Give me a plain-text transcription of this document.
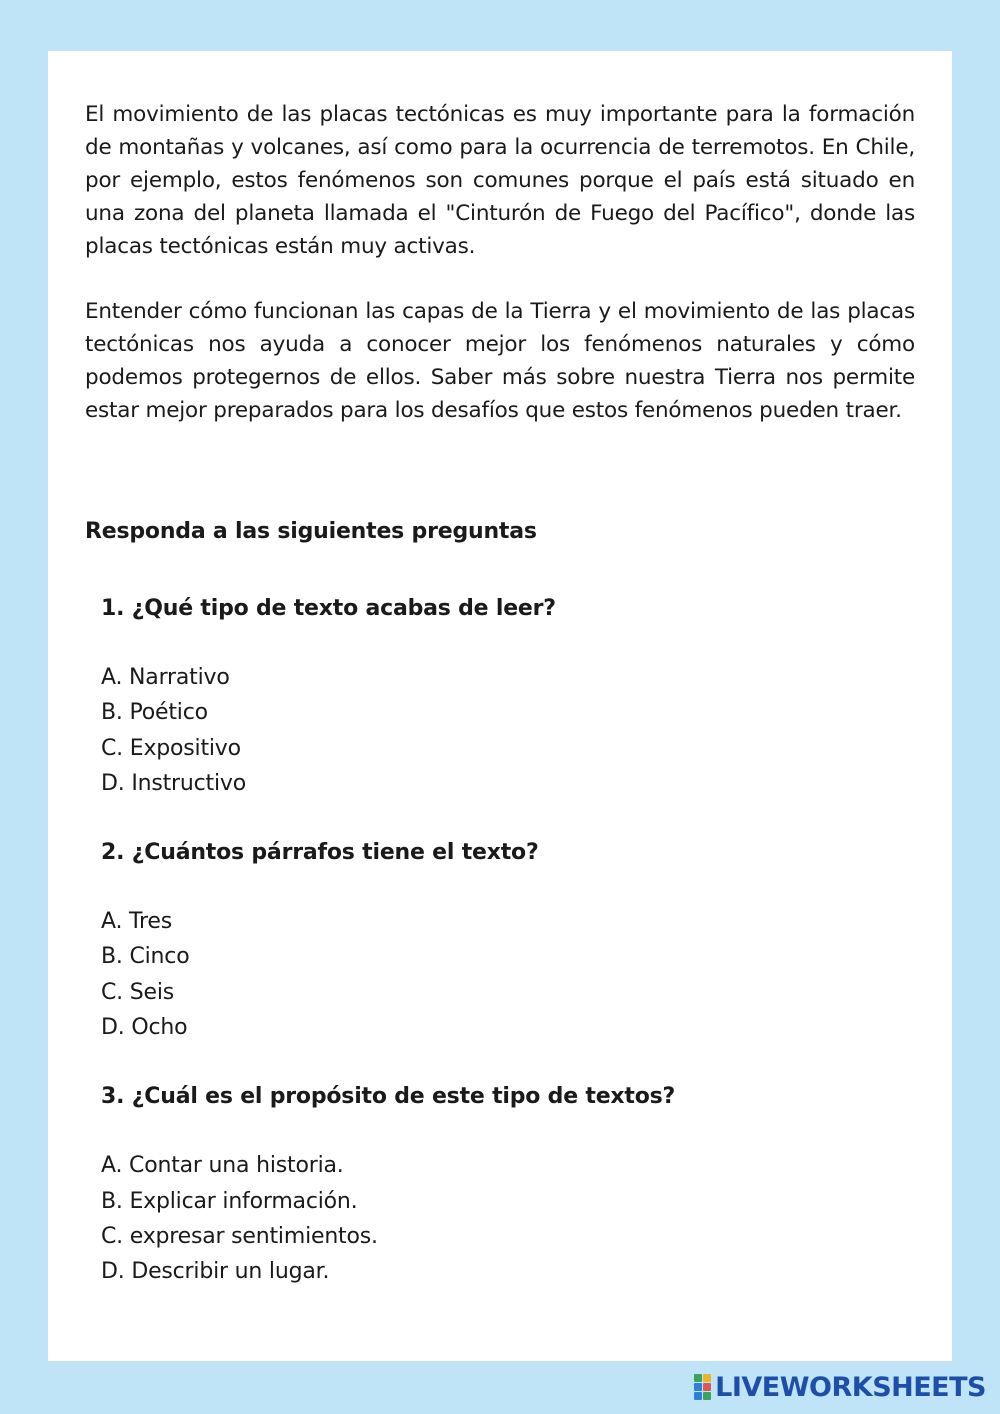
El movimiento de las placas tectónicas es muy importante para la formación de montañas y volcanes, así como para la ocurrencia de terremotos. En Chile, por ejemplo, estos fenómenos son comunes porque el país está situado en una zona del planeta llamada el "Cinturón de Fuego del Pacífico", donde las placas tectónicas están muy activas.

Entender cómo funcionan las capas de la Tierra y el movimiento de las placas tectónicas nos ayuda a conocer mejor los fenómenos naturales y cómo podemos protegernos de ellos. Saber más sobre nuestra Tierra nos permite estar mejor preparados para los desafíos que estos fenómenos pueden traer.

Responda a las siguientes preguntas

1. ¿Qué tipo de texto acabas de leer?

A. Narrativo
B. Poético
C. Expositivo
D. Instructivo

2. ¿Cuántos párrafos tiene el texto?

A. Tres
B. Cinco
C. Seis
D. Ocho

3. ¿Cuál es el propósito de este tipo de textos?

A. Contar una historia.
B. Explicar información.
C. expresar sentimientos.
D. Describir un lugar.
LIVEWORKSHEETS
